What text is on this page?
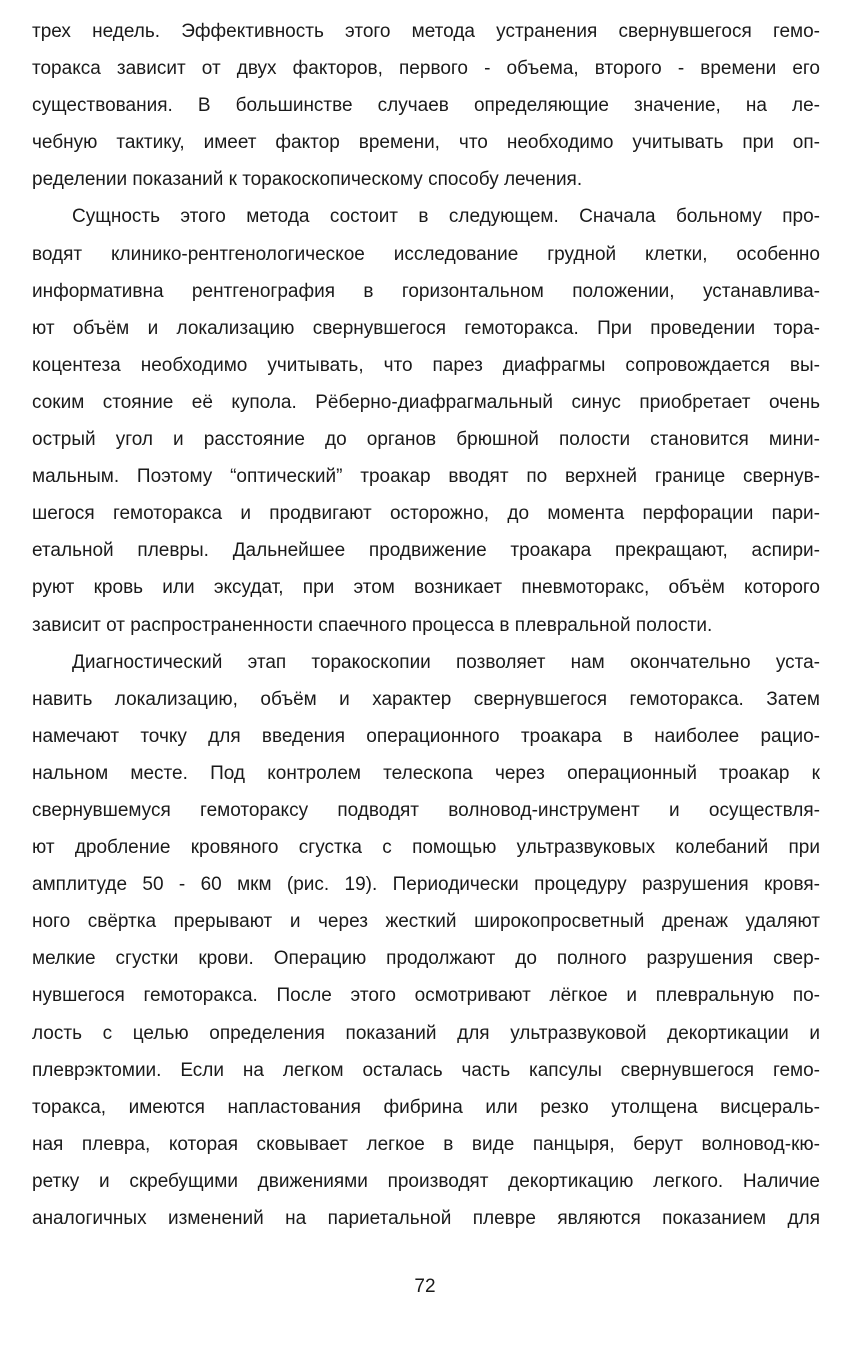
трех недель. Эффективность этого метода устранения свернувшегося гемо-
торакса зависит от двух факторов, первого - объема, второго - времени его
существования. В большинстве случаев определяющие значение, на ле-
чебную тактику, имеет фактор времени, что необходимо учитывать при оп-
ределении показаний к торакоскопическому способу лечения.
Сущность этого метода состоит в следующем. Сначала больному про-
водят клинико-рентгенологическое исследование грудной клетки, особенно
информативна рентгенография в горизонтальном положении, устанавлива-
ют объём и локализацию свернувшегося гемоторакса. При проведении тора-
коцентеза необходимо учитывать, что парез диафрагмы сопровождается вы-
соким стояние её купола. Рёберно-диафрагмальный синус приобретает очень
острый угол и расстояние до органов брюшной полости становится мини-
мальным. Поэтому “оптический” троакар вводят по верхней границе свернув-
шегося гемоторакса и продвигают осторожно, до момента перфорации пари-
етальной плевры. Дальнейшее продвижение троакара прекращают, аспири-
руют кровь или эксудат, при этом возникает пневмоторакс, объём которого
зависит от распространенности спаечного процесса в плевральной полости.
Диагностический этап торакоскопии позволяет нам окончательно уста-
навить локализацию, объём и характер свернувшегося гемоторакса. Затем
намечают точку для введения операционного троакара в наиболее рацио-
нальном месте. Под контролем телескопа через операционный троакар к
свернувшемуся гемотораксу подводят волновод-инструмент и осуществля-
ют дробление кровяного сгустка с помощью ультразвуковых колебаний при
амплитуде 50 - 60 мкм (рис. 19). Периодически процедуру разрушения кровя-
ного свёртка прерывают и через жесткий широкопросветный дренаж удаляют
мелкие сгустки крови. Операцию продолжают до полного разрушения свер-
нувшегося гемоторакса. После этого осмотривают лёгкое и плевральную по-
лость с целью определения показаний для ультразвуковой декортикации и
плеврэктомии. Если на легком осталась часть капсулы свернувшегося гемо-
торакса, имеются напластования фибрина или резко утолщена висцераль-
ная плевра, которая сковывает легкое в виде панцыря, берут волновод-кю-
ретку и скребущими движениями производят декортикацию легкого. Наличие
аналогичных изменений на париетальной плевре являются показанием для
72
